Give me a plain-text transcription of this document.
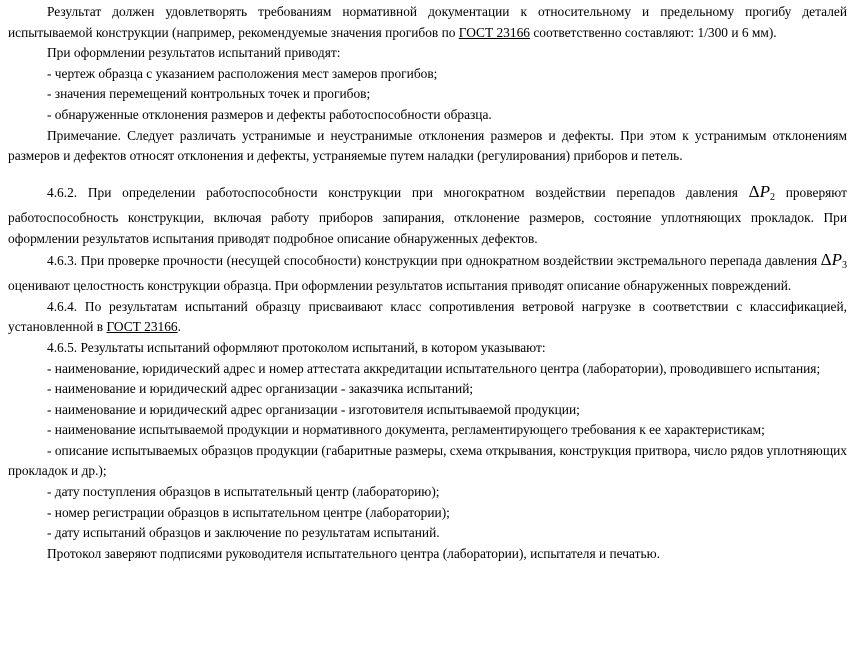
Результат должен удовлетворять требованиям нормативной документации к относительному и предельному прогибу деталей испытываемой конструкции (например, рекомендуемые значения прогибов по ГОСТ 23166 соответственно составляют: 1/300 и 6 мм).

При оформлении результатов испытаний приводят:

- чертеж образца с указанием расположения мест замеров прогибов;

- значения перемещений контрольных точек и прогибов;

- обнаруженные отклонения размеров и дефекты работоспособности образца.

Примечание. Следует различать устранимые и неустранимые отклонения размеров и дефекты. При этом к устранимым отклонениям размеров и дефектов относят отклонения и дефекты, устраняемые путем наладки (регулирования) приборов и петель.

4.6.2. При определении работоспособности конструкции при многократном воздействии перепадов давления $\Delta P_2$ проверяют работоспособность конструкции, включая работу приборов запирания, отклонение размеров, состояние уплотняющих прокладок. При оформлении результатов испытания приводят подробное описание обнаруженных дефектов.

4.6.3. При проверке прочности (несущей способности) конструкции при однократном воздействии экстремального перепада давления $\Delta P_3$ оценивают целостность конструкции образца. При оформлении результатов испытания приводят описание обнаруженных повреждений.

4.6.4. По результатам испытаний образцу присваивают класс сопротивления ветровой нагрузке в соответствии с классификацией, установленной в ГОСТ 23166.

4.6.5. Результаты испытаний оформляют протоколом испытаний, в котором указывают:

- наименование, юридический адрес и номер аттестата аккредитации испытательного центра (лаборатории), проводившего испытания;

- наименование и юридический адрес организации - заказчика испытаний;

- наименование и юридический адрес организации - изготовителя испытываемой продукции;

- наименование испытываемой продукции и нормативного документа, регламентирующего требования к ее характеристикам;

- описание испытываемых образцов продукции (габаритные размеры, схема открывания, конструкция притвора, число рядов уплотняющих прокладок и др.);

- дату поступления образцов в испытательный центр (лабораторию);

- номер регистрации образцов в испытательном центре (лаборатории);

- дату испытаний образцов и заключение по результатам испытаний.

Протокол заверяют подписями руководителя испытательного центра (лаборатории), испытателя и печатью.
